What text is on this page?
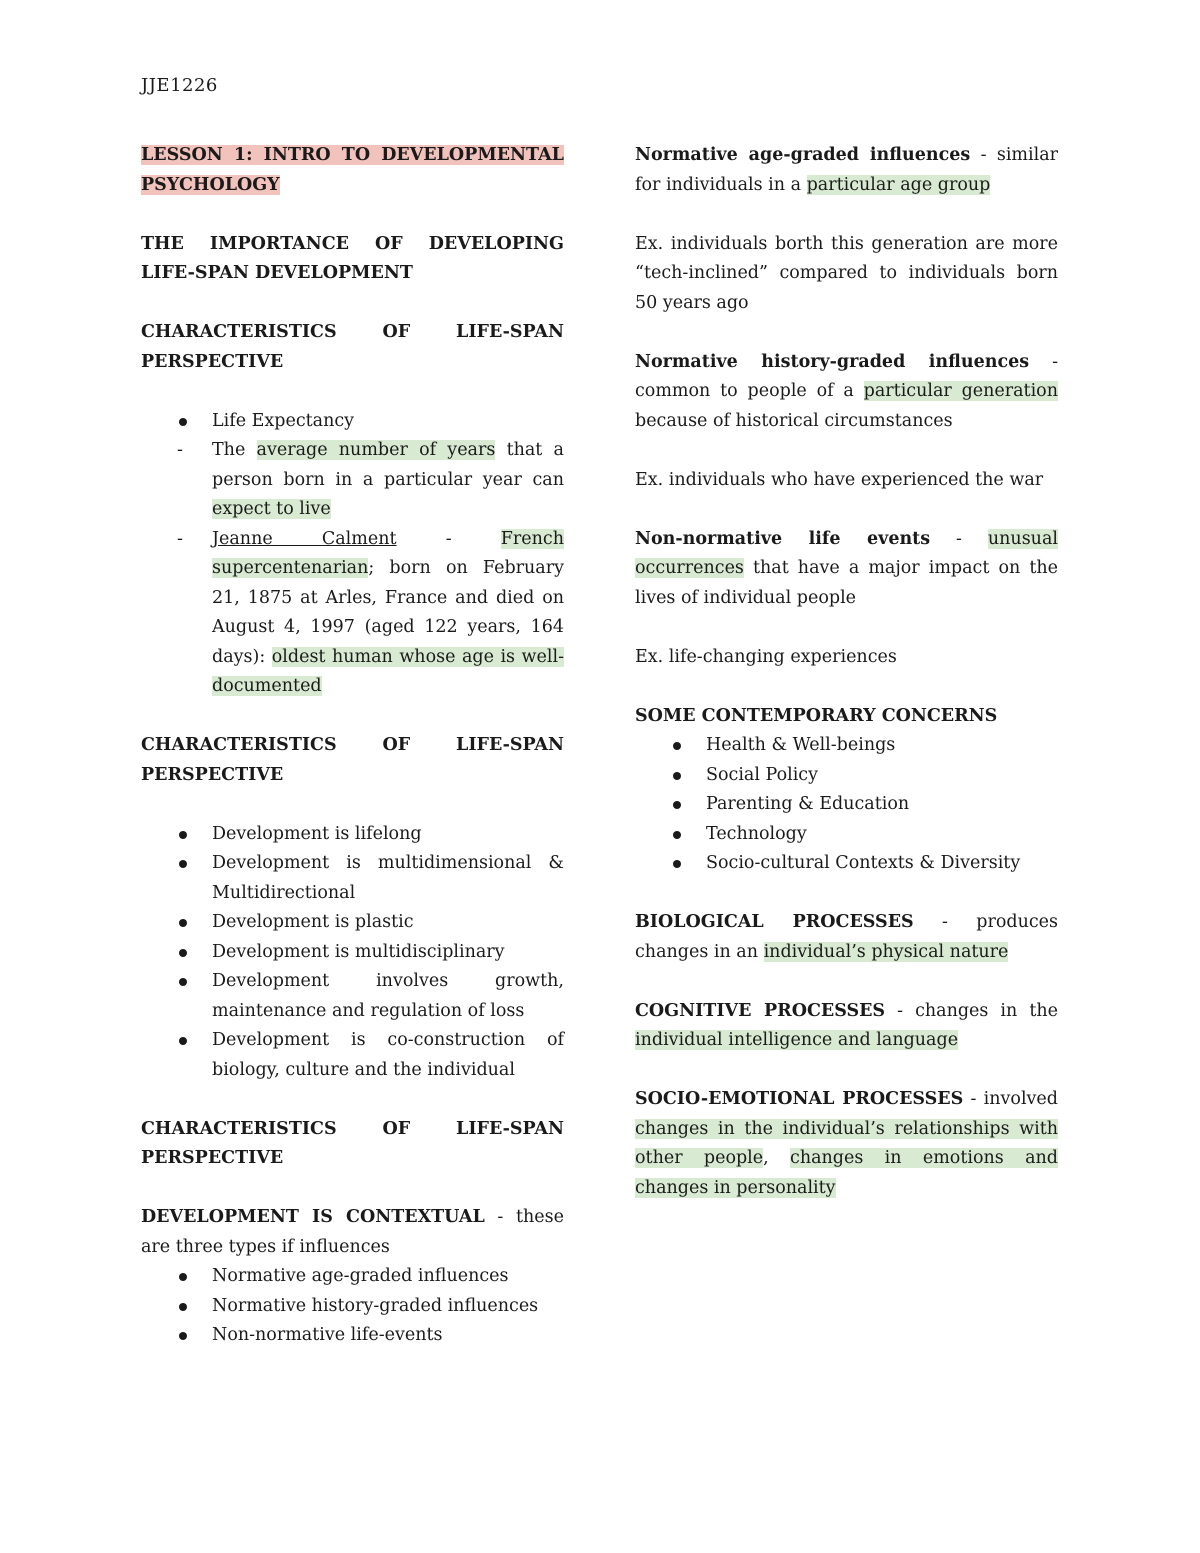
JJE1226

LESSON 1: INTRO TO DEVELOPMENTAL PSYCHOLOGY

THE IMPORTANCE OF DEVELOPING LIFE-SPAN DEVELOPMENT

CHARACTERISTICS OF LIFE-SPAN PERSPECTIVE

Life Expectancy
- The average number of years that a person born in a particular year can expect to live
- Jeanne Calment - French supercentenarian; born on February 21, 1875 at Arles, France and died on August 4, 1997 (aged 122 years, 164 days): oldest human whose age is well-documented

CHARACTERISTICS OF LIFE-SPAN PERSPECTIVE

Development is lifelong
Development is multidimensional & Multidirectional
Development is plastic
Development is multidisciplinary
Development involves growth, maintenance and regulation of loss
Development is co-construction of biology, culture and the individual

CHARACTERISTICS OF LIFE-SPAN PERSPECTIVE

DEVELOPMENT IS CONTEXTUAL - these are three types if influences

Normative age-graded influences
Normative history-graded influences
Non-normative life-events

Normative age-graded influences - similar for individuals in a particular age group

Ex. individuals borth this generation are more “tech-inclined” compared to individuals born 50 years ago

Normative history-graded influences - common to people of a particular generation because of historical circumstances

Ex. individuals who have experienced the war

Non-normative life events - unusual occurrences that have a major impact on the lives of individual people

Ex. life-changing experiences

SOME CONTEMPORARY CONCERNS

Health & Well-beings
Social Policy
Parenting & Education
Technology
Socio-cultural Contexts & Diversity

BIOLOGICAL PROCESSES - produces changes in an individual’s physical nature

COGNITIVE PROCESSES - changes in the individual intelligence and language

SOCIO-EMOTIONAL PROCESSES - involved changes in the individual’s relationships with other people, changes in emotions and changes in personality
